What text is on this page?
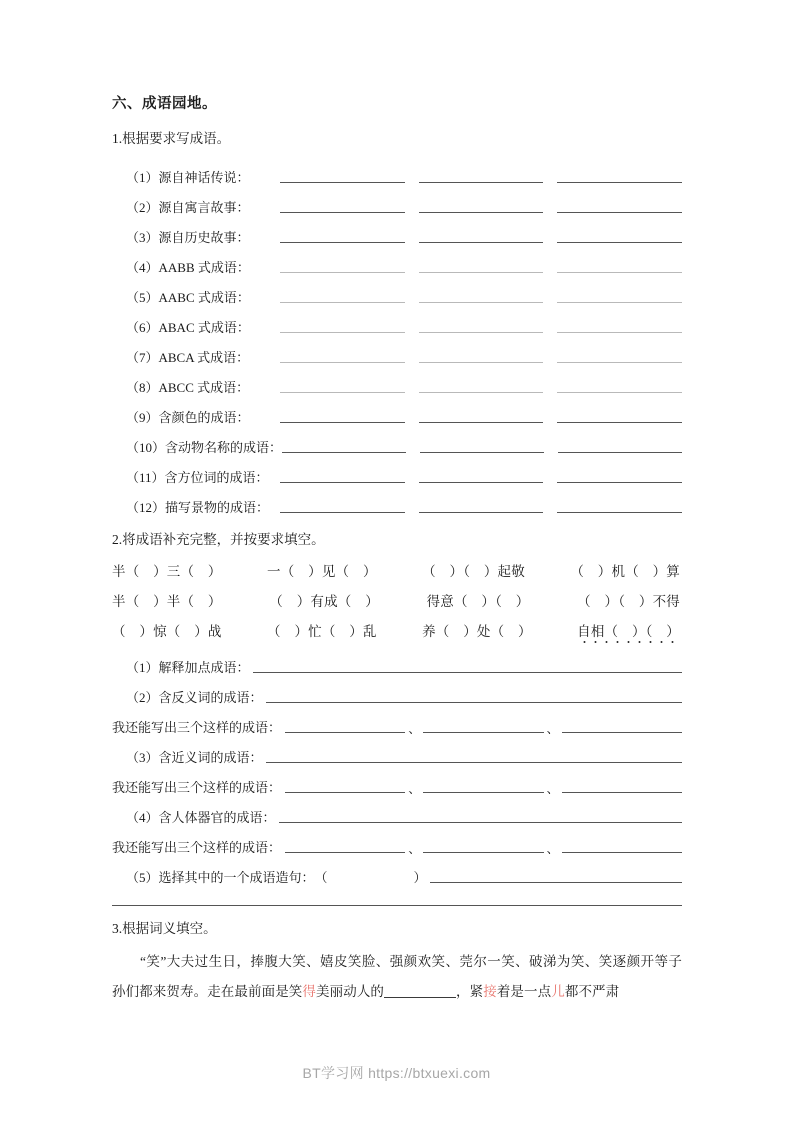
六、成语园地。
1.根据要求写成语。
（1）源自神话传说：
（2）源自寓言故事：
（3）源自历史故事：
（4）AABB 式成语：
（5）AABC 式成语：
（6）ABAC 式成语：
（7）ABCA 式成语：
（8）ABCC 式成语：
（9）含颜色的成语：
（10）含动物名称的成语：
（11）含方位词的成语：
（12）描写景物的成语：
2.将成语补充完整，并按要求填空。
半（　）三（　）	一（　）见（　）	（　）（　）起敬	（　）机（　）算
半（　）半（　）	（　）有成（　）	得意（　）（　）	（　）（　）不得
（　）惊（　）战	（　）忙（　）乱	养（　）处（　）	自相（　）（　）
（1）解释加点成语：
（2）含反义词的成语：
我还能写出三个这样的成语：	、	、
（3）含近义词的成语：
我还能写出三个这样的成语：	、	、
（4）含人体器官的成语：
我还能写出三个这样的成语：	、	、
（5）选择其中的一个成语造句： （	）
3.根据词义填空。
“笑”大夫过生日，捧腹大笑、嬉皮笑脸、强颜欢笑、莞尔一笑、破涕为笑、笑逐颜开等子孙们都来贺寿。走在最前面是笑得美丽动人的	，紧接着是一点儿都不严肃
BT学习网 https://btxuexi.com
